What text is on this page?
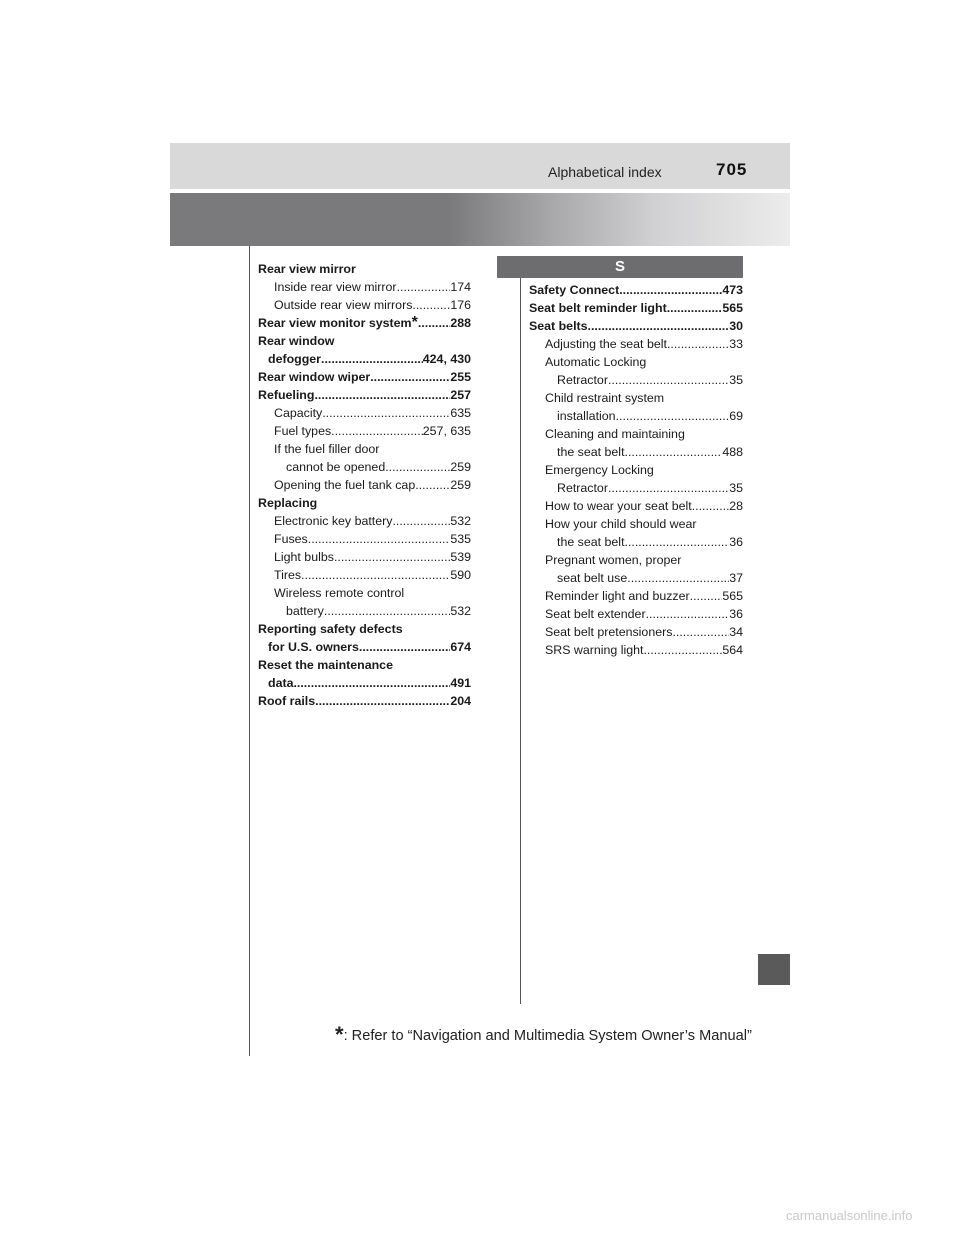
Alphabetical index	705
S
Rear view mirror
Inside rear view mirror .....	174
Outside rear view mirrors .....	176
Rear view monitor system * .....	288
Rear window
defogger .....	424, 430
Rear window wiper .....	255
Refueling .....	257
Capacity .....	635
Fuel types .....	257, 635
If the fuel filler door
cannot be opened .....	259
Opening the fuel tank cap .....	259
Replacing
Electronic key battery .....	532
Fuses .....	535
Light bulbs .....	539
Tires .....	590
Wireless remote control
battery .....	532
Reporting safety defects
for U.S. owners .....	674
Reset the maintenance
data .....	491
Roof rails .....	204
Safety Connect .....	473
Seat belt reminder light .....	565
Seat belts .....	30
Adjusting the seat belt .....	33
Automatic Locking
Retractor .....	35
Child restraint system
installation .....	69
Cleaning and maintaining
the seat belt .....	488
Emergency Locking
Retractor .....	35
How to wear your seat belt .....	28
How your child should wear
the seat belt .....	36
Pregnant women, proper
seat belt use .....	37
Reminder light and buzzer .....	565
Seat belt extender .....	36
Seat belt pretensioners .....	34
SRS warning light .....	564
*: Refer to “Navigation and Multimedia System Owner’s Manual”
carmanualsonline.info
